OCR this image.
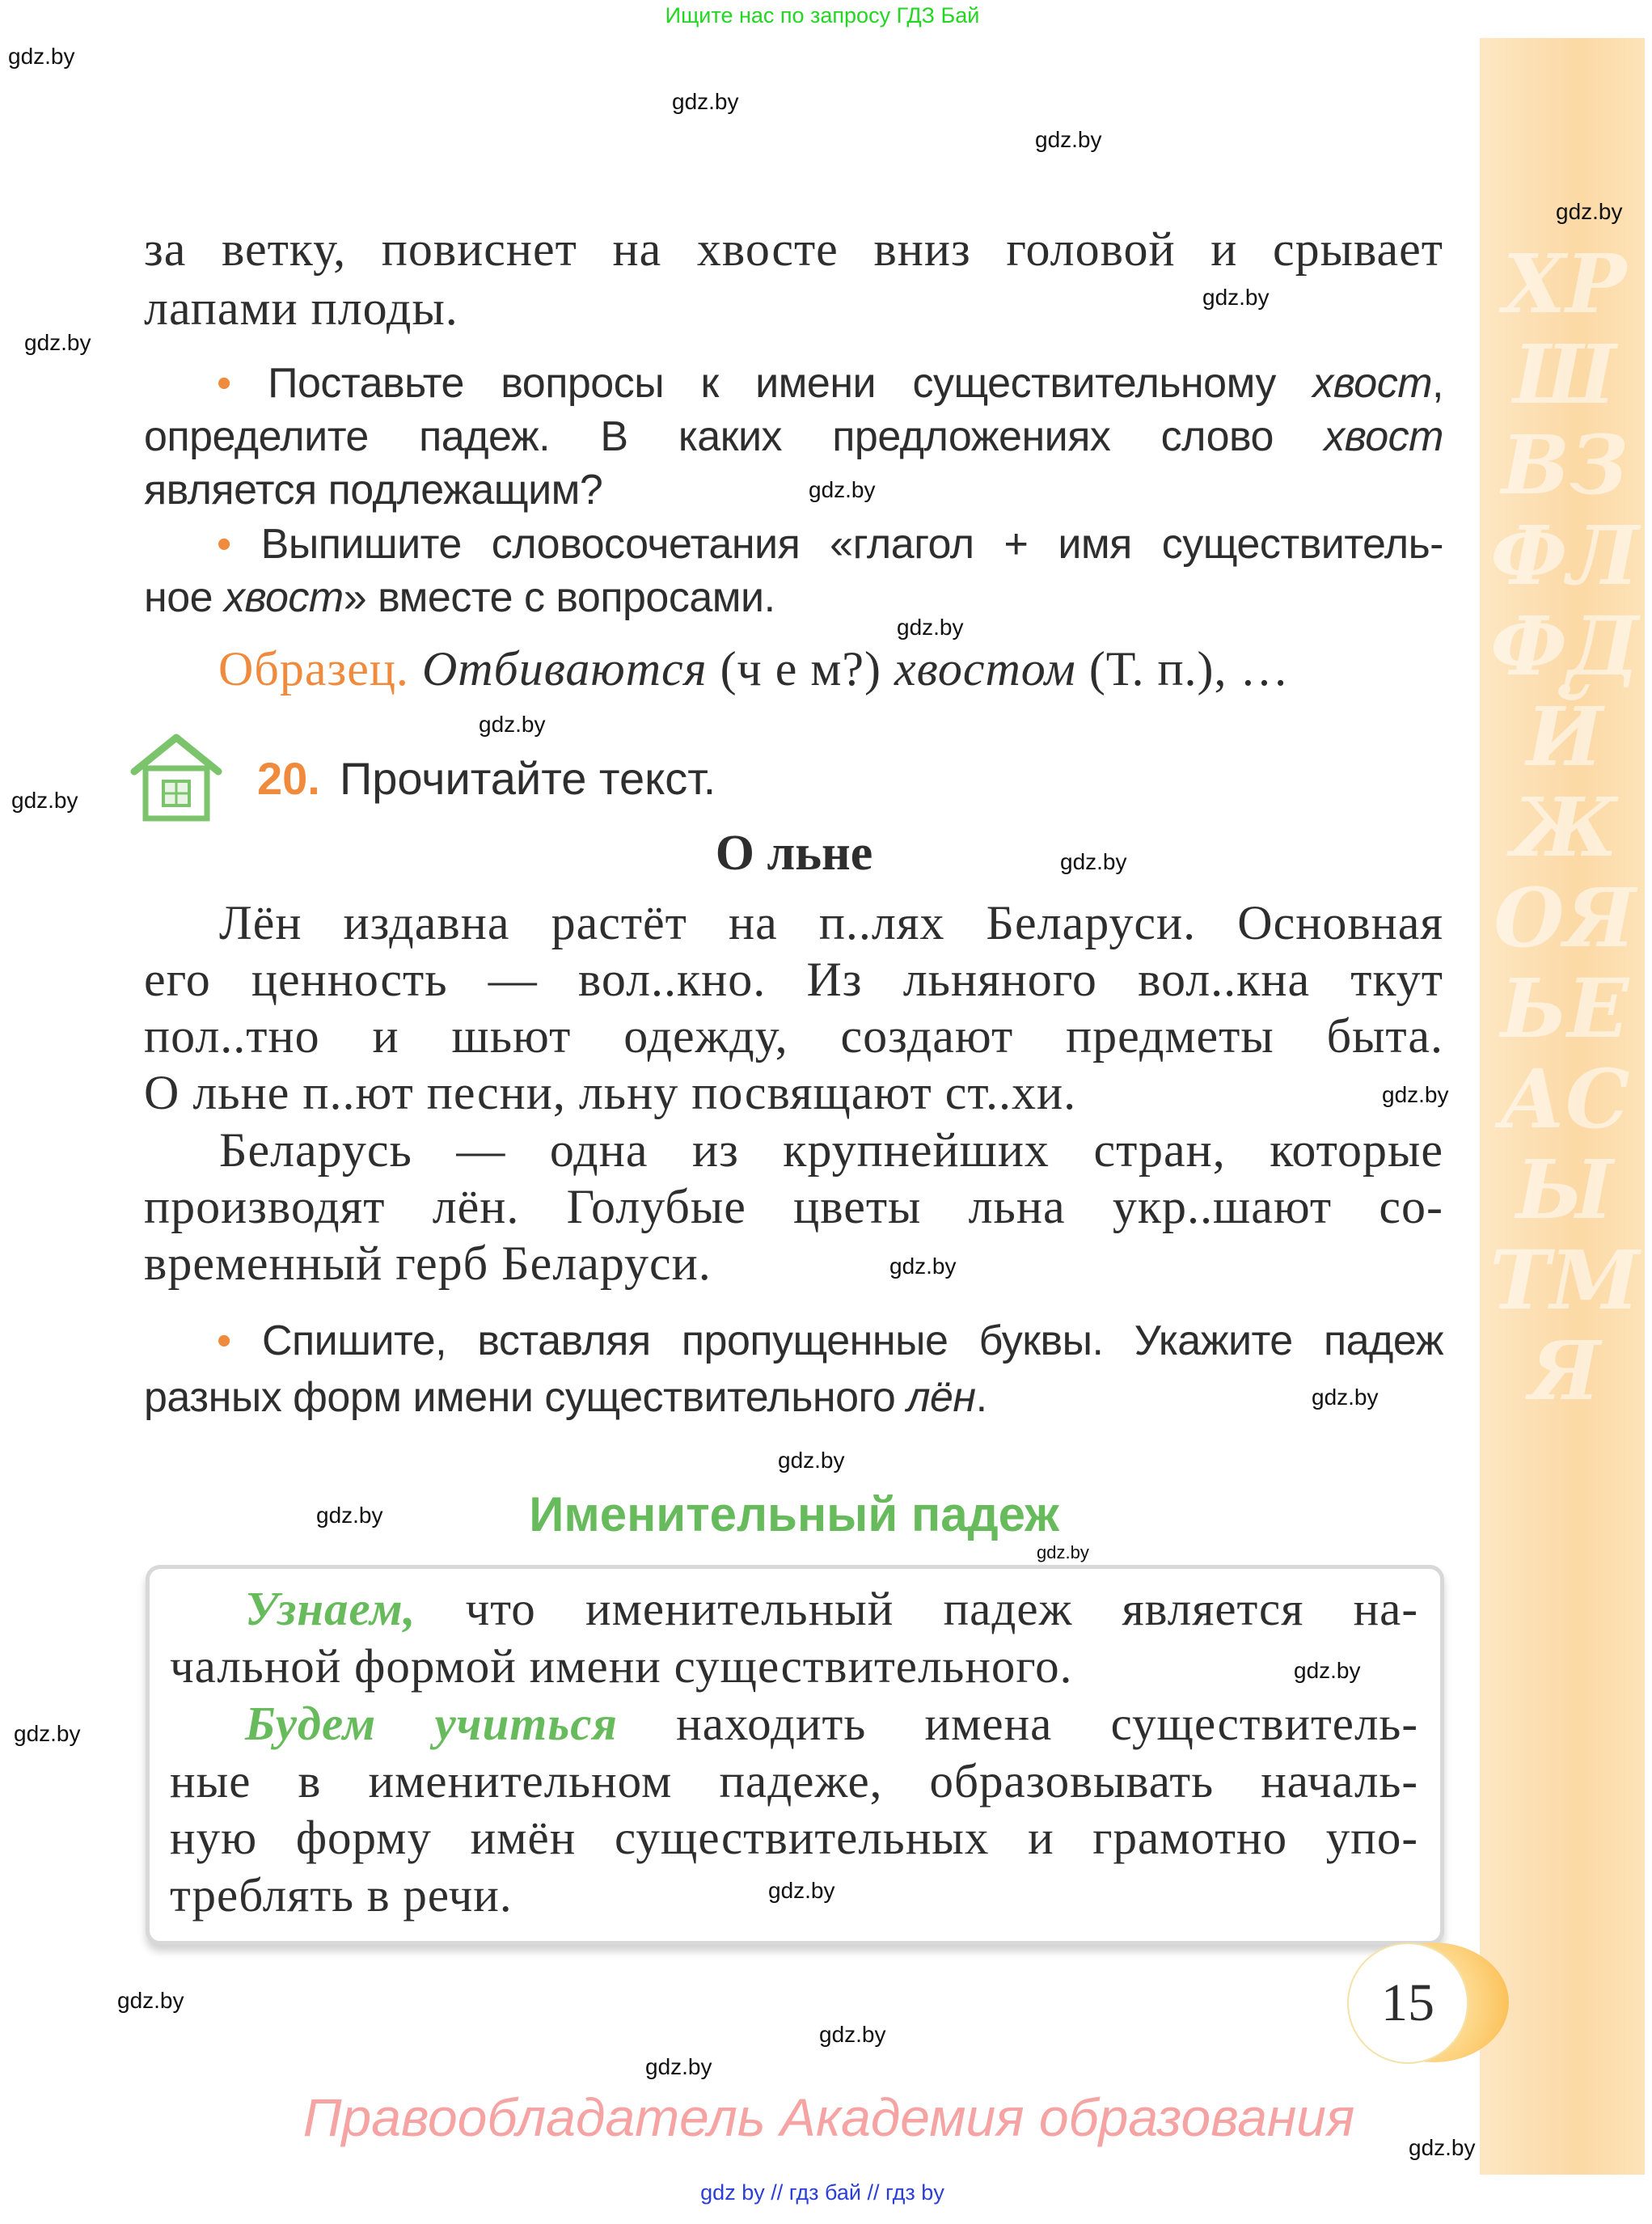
Ищите нас по запросу ГДЗ Бай
ХРШВЗФЛФДЙЖОЯЬЕАСЫТМЯ
за ветку, повиснет на хвосте вниз головой и срывает
лапами плоды.
• Поставьте вопросы к имени существительному хвост,
определите падеж. В каких предложениях слово хвост
является подлежащим?
• Выпишите словосочетания «глагол + имя существитель-
ное хвост» вместе с вопросами.
Образец. Отбиваются (ч е м?) хвостом (Т. п.), …
20. Прочитайте текст.
О льне
Лён издавна растёт на п..лях Беларуси. Основная
его ценность — вол..кно. Из льняного вол..кна ткут
пол..тно и шьют одежду, создают предметы быта.
О льне п..ют песни, льну посвящают ст..хи.
Беларусь — одна из крупнейших стран, которые
производят лён. Голубые цветы льна укр..шают со-
временный герб Беларуси.
• Спишите, вставляя пропущенные буквы. Укажите падеж
разных форм имени существительного лён.
Именительный падеж
Узнаем, что именительный падеж является на-
чальной формой имени существительного.
Будем учиться находить имена существитель-
ные в именительном падеже, образовывать началь-
ную форму имён существительных и грамотно упо-
треблять в речи.
15
Правообладатель Академия образования
gdz by // гдз бай // гдз by
gdz.by
gdz.by
gdz.by
gdz.by
gdz.by
gdz.by
gdz.by
gdz.by
gdz.by
gdz.by
gdz.by
gdz.by
gdz.by
gdz.by
gdz.by
gdz.by
gdz.by
gdz.by
gdz.by
gdz.by
gdz.by
gdz.by
gdz.by
gdz.by
